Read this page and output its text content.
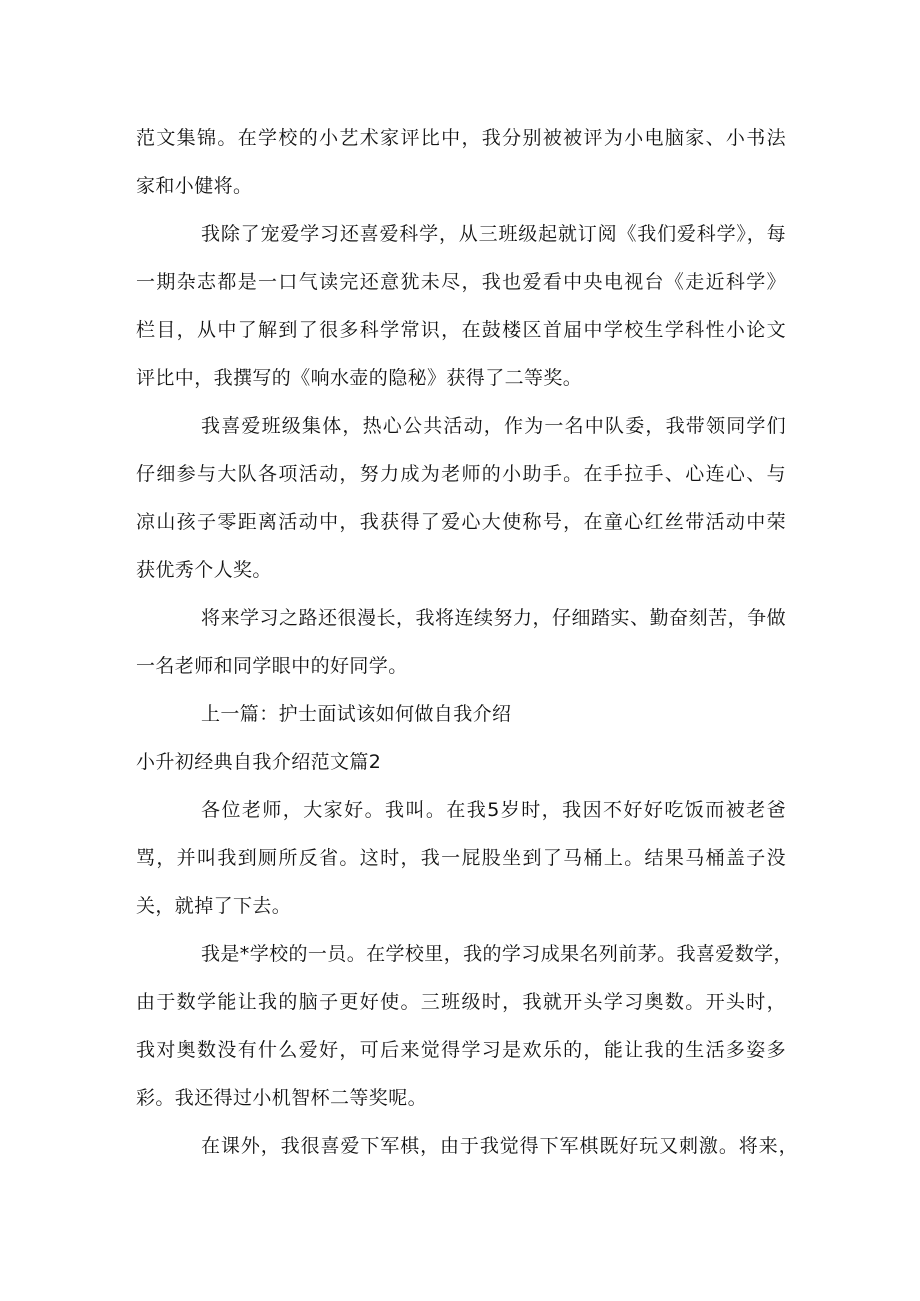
范文集锦。在学校的小艺术家评比中，我分别被被评为小电脑家、小书法
家和小健将。
我除了宠爱学习还喜爱科学，从三班级起就订阅《我们爱科学》，每
一期杂志都是一口气读完还意犹未尽，我也爱看中央电视台《走近科学》
栏目，从中了解到了很多科学常识，在鼓楼区首届中学校生学科性小论文
评比中，我撰写的《响水壶的隐秘》获得了二等奖。
我喜爱班级集体，热心公共活动，作为一名中队委，我带领同学们
仔细参与大队各项活动，努力成为老师的小助手。在手拉手、心连心、与
凉山孩子零距离活动中，我获得了爱心大使称号，在童心红丝带活动中荣
获优秀个人奖。
将来学习之路还很漫长，我将连续努力，仔细踏实、勤奋刻苦，争做
一名老师和同学眼中的好同学。
上一篇：护士面试该如何做自我介绍
小升初经典自我介绍范文篇2
各位老师，大家好。我叫。在我5岁时，我因不好好吃饭而被老爸
骂，并叫我到厕所反省。这时，我一屁股坐到了马桶上。结果马桶盖子没
关，就掉了下去。
我是*学校的一员。在学校里，我的学习成果名列前茅。我喜爱数学，
由于数学能让我的脑子更好使。三班级时，我就开头学习奥数。开头时，
我对奥数没有什么爱好，可后来觉得学习是欢乐的，能让我的生活多姿多
彩。我还得过小机智杯二等奖呢。
在课外，我很喜爱下军棋，由于我觉得下军棋既好玩又刺激。将来，
